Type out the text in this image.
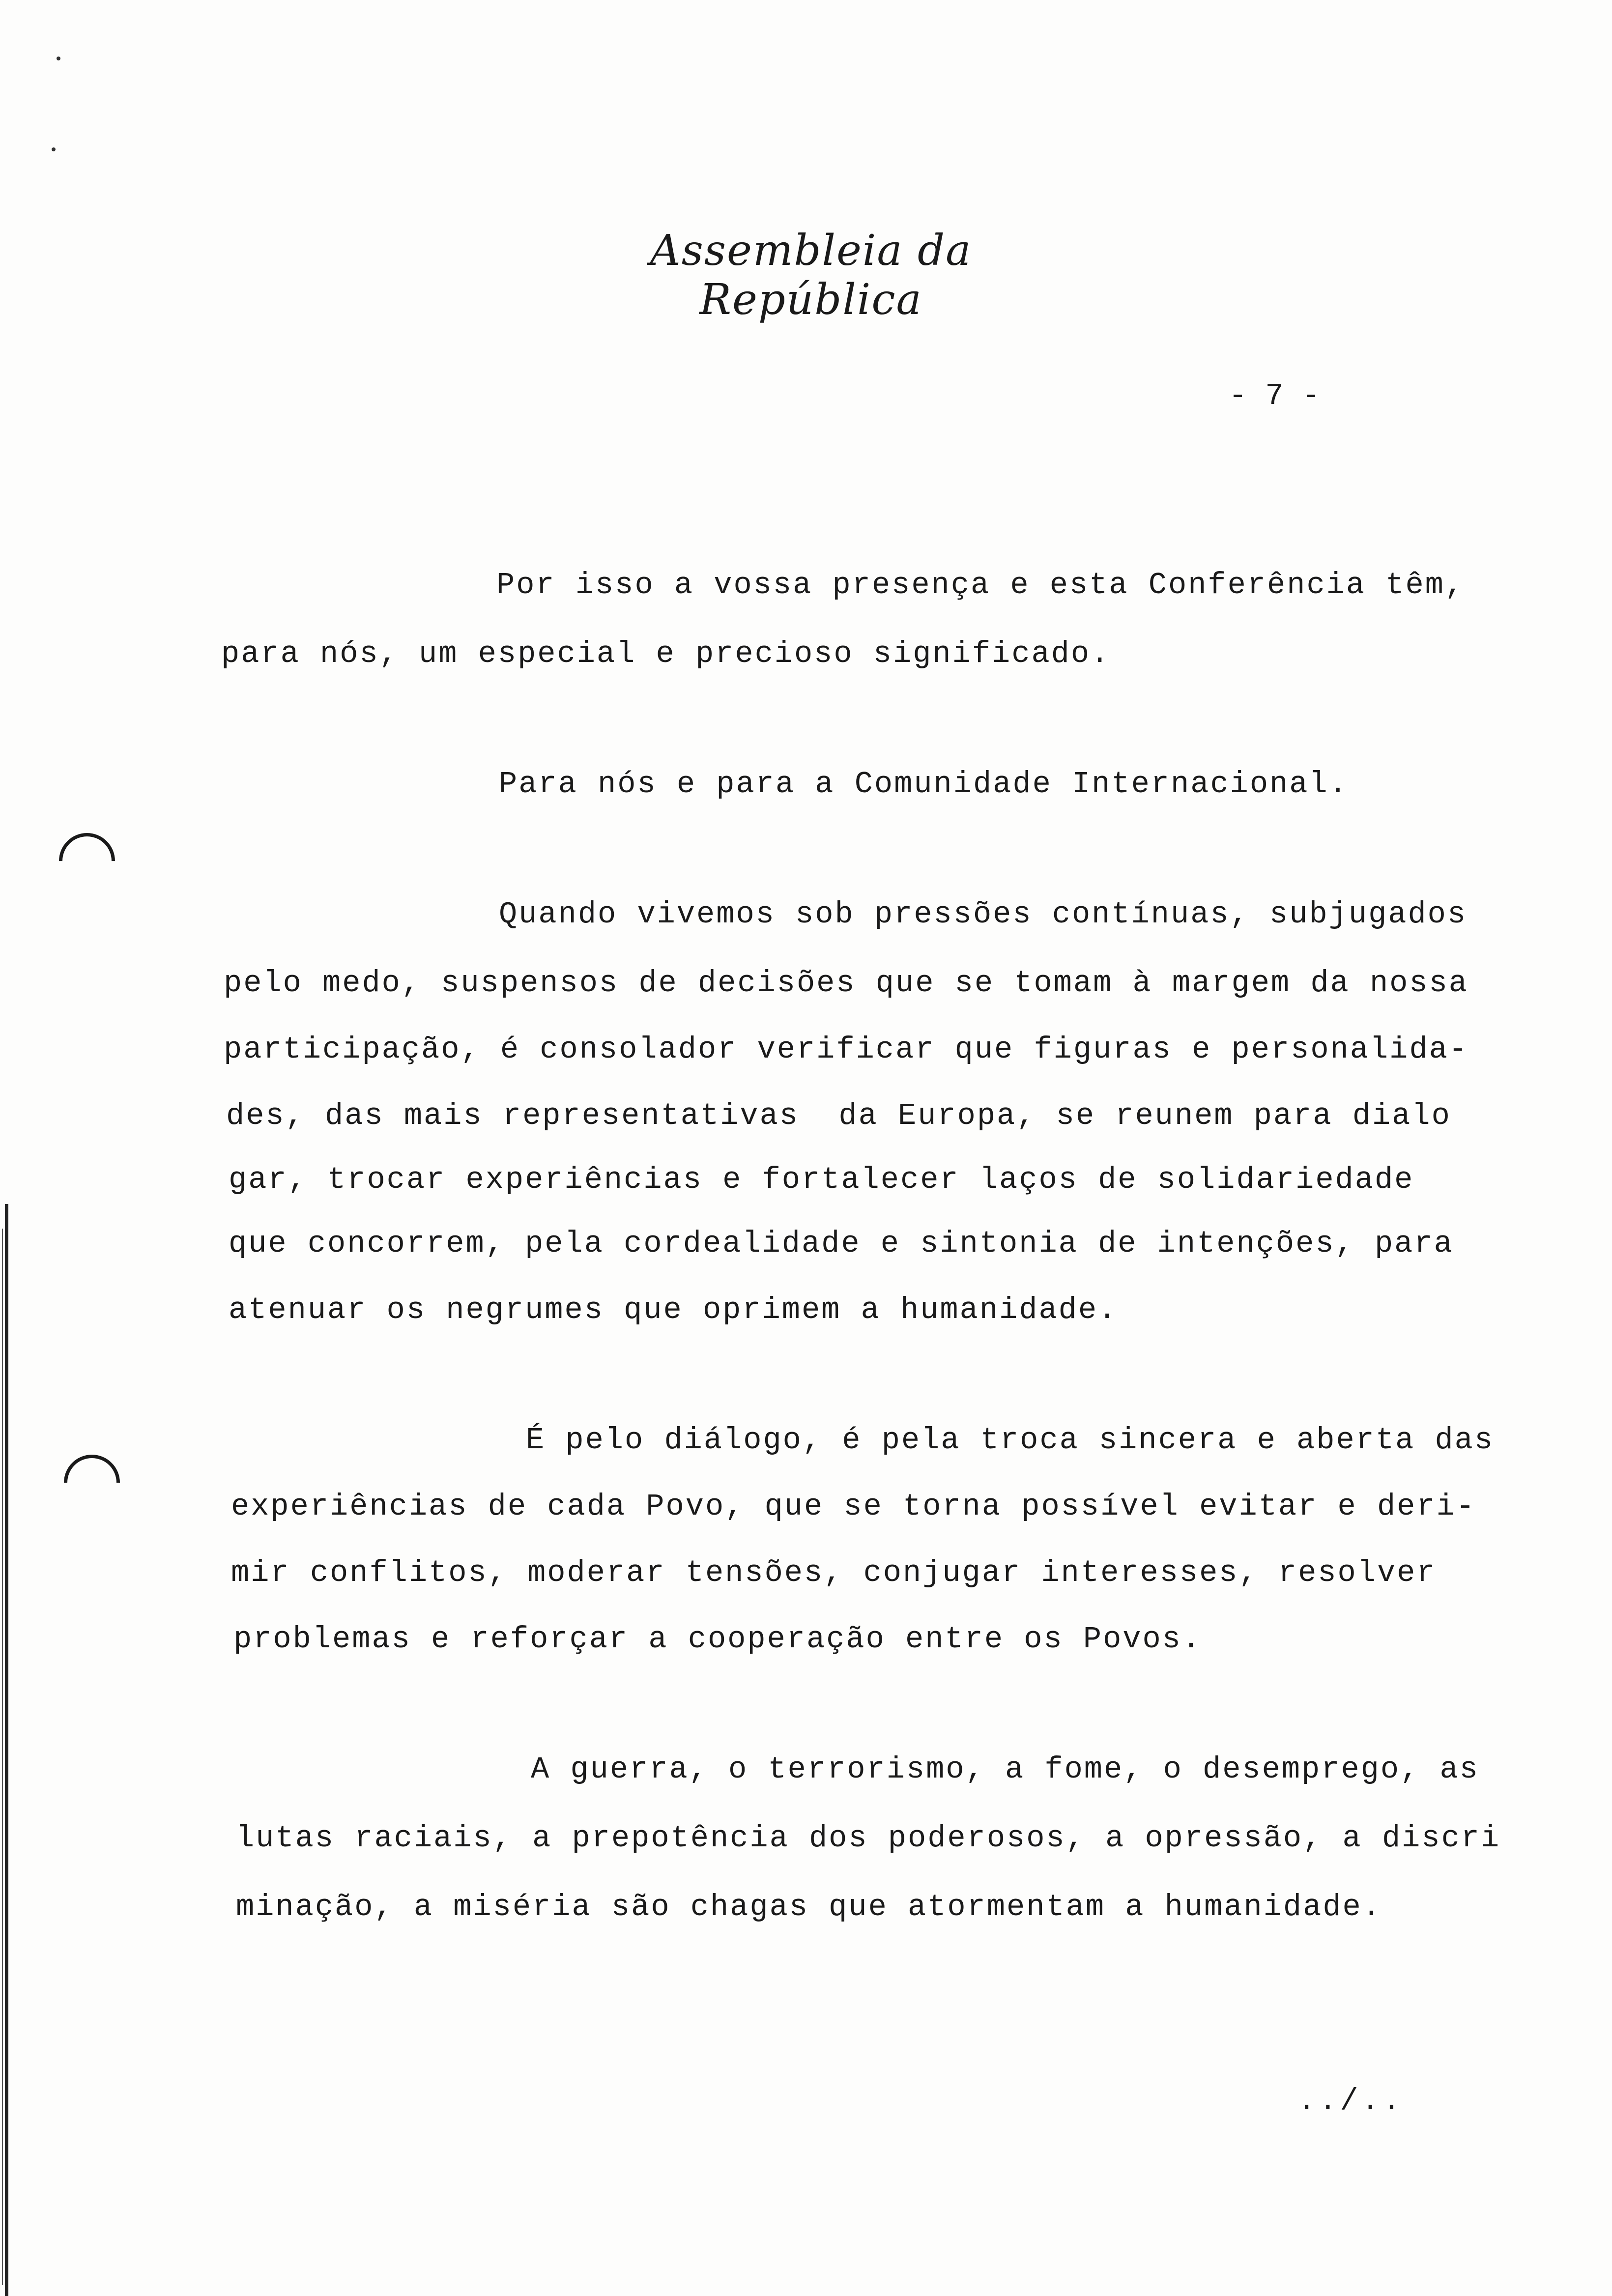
Assembleia da República
- 7 -
Por isso a vossa presença e esta Conferência têm,
para nós, um especial e precioso significado.
Para nós e para a Comunidade Internacional.
Quando vivemos sob pressões contínuas, subjugados
pelo medo, suspensos de decisões que se tomam à margem da nossa
participação, é consolador verificar que figuras e personalida-
des, das mais representativas  da Europa, se reunem para dialo
gar, trocar experiências e fortalecer laços de solidariedade
que concorrem, pela cordealidade e sintonia de intenções, para
atenuar os negrumes que oprimem a humanidade.
É pelo diálogo, é pela troca sincera e aberta das
experiências de cada Povo, que se torna possível evitar e deri-
mir conflitos, moderar tensões, conjugar interesses, resolver
problemas e reforçar a cooperação entre os Povos.
A guerra, o terrorismo, a fome, o desemprego, as
lutas raciais, a prepotência dos poderosos, a opressão, a discri
minação, a miséria são chagas que atormentam a humanidade.
../..
